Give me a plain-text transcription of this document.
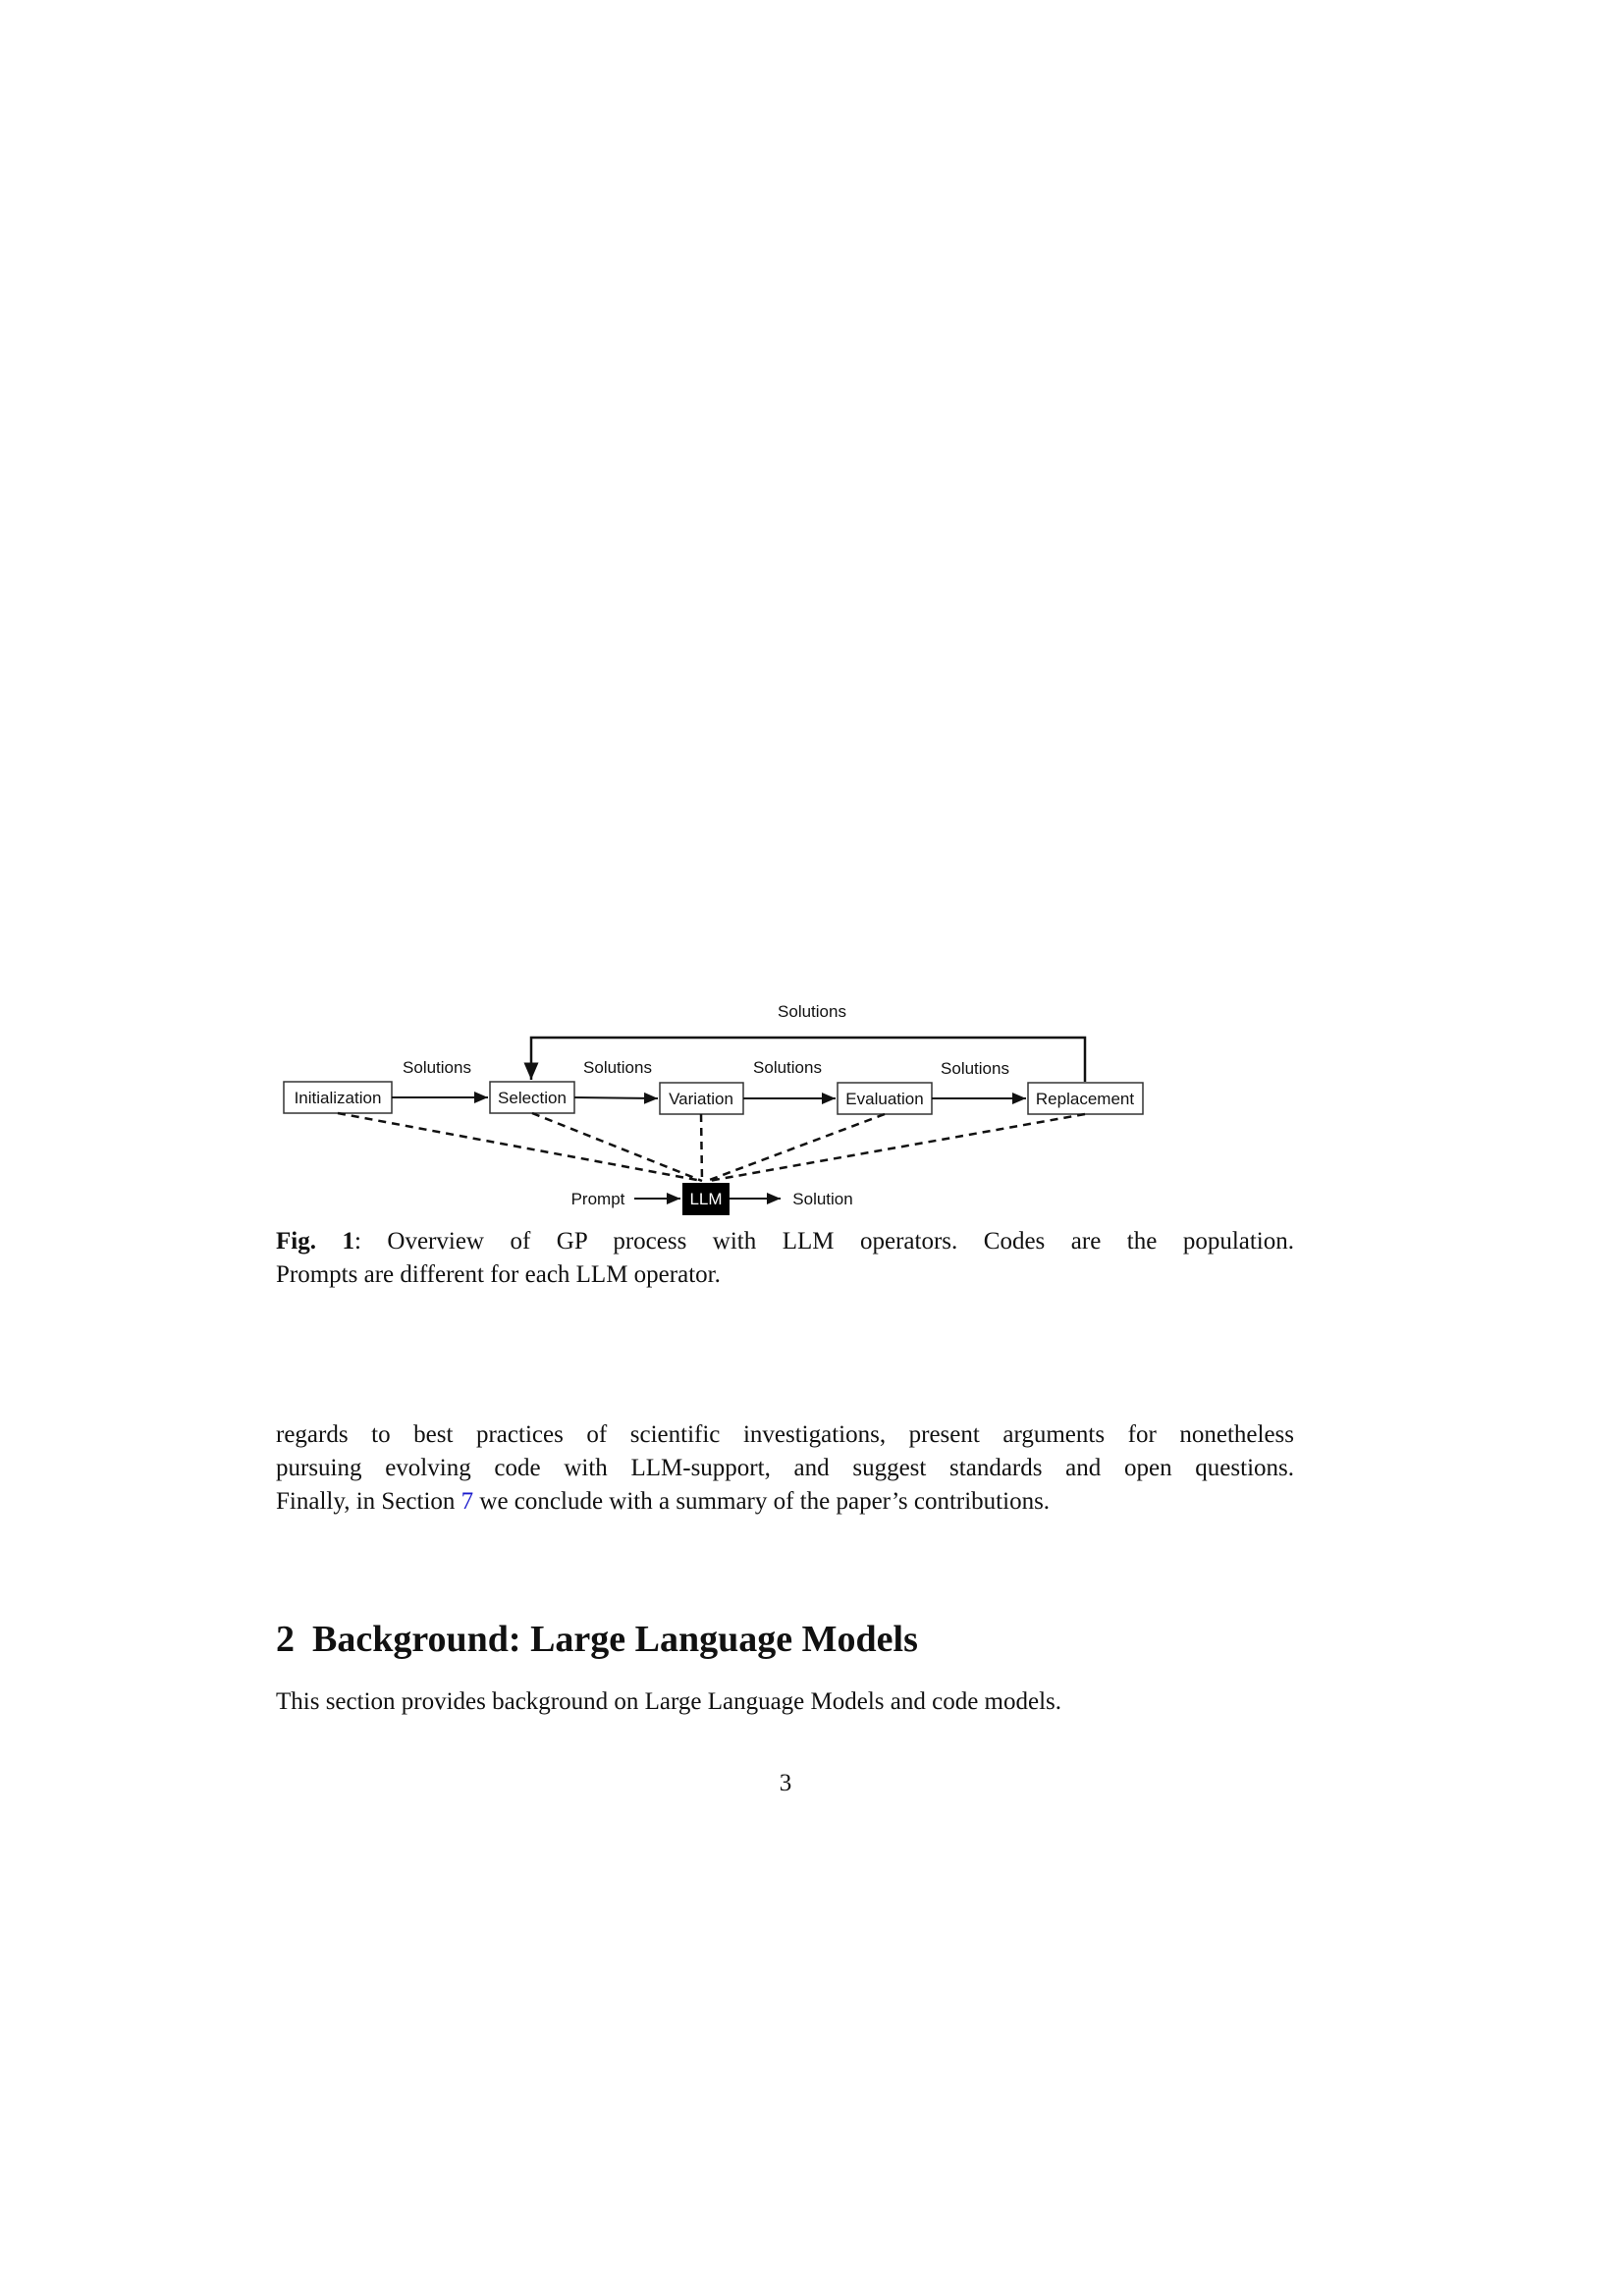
Solutions
Initialization	Selection	Variation	Evaluation	Replacement
Solutions	Solutions	Solutions	Solutions
LLM
Prompt	Solution
Fig. 1: Overview of GP process with LLM operators. Codes are the population.
Prompts are different for each LLM operator.
regards to best practices of scientific investigations, present arguments for nonetheless
pursuing evolving code with LLM-support, and suggest standards and open questions.
Finally, in Section 7 we conclude with a summary of the paper’s contributions.
2 Background: Large Language Models
This section provides background on Large Language Models and code models.
3
